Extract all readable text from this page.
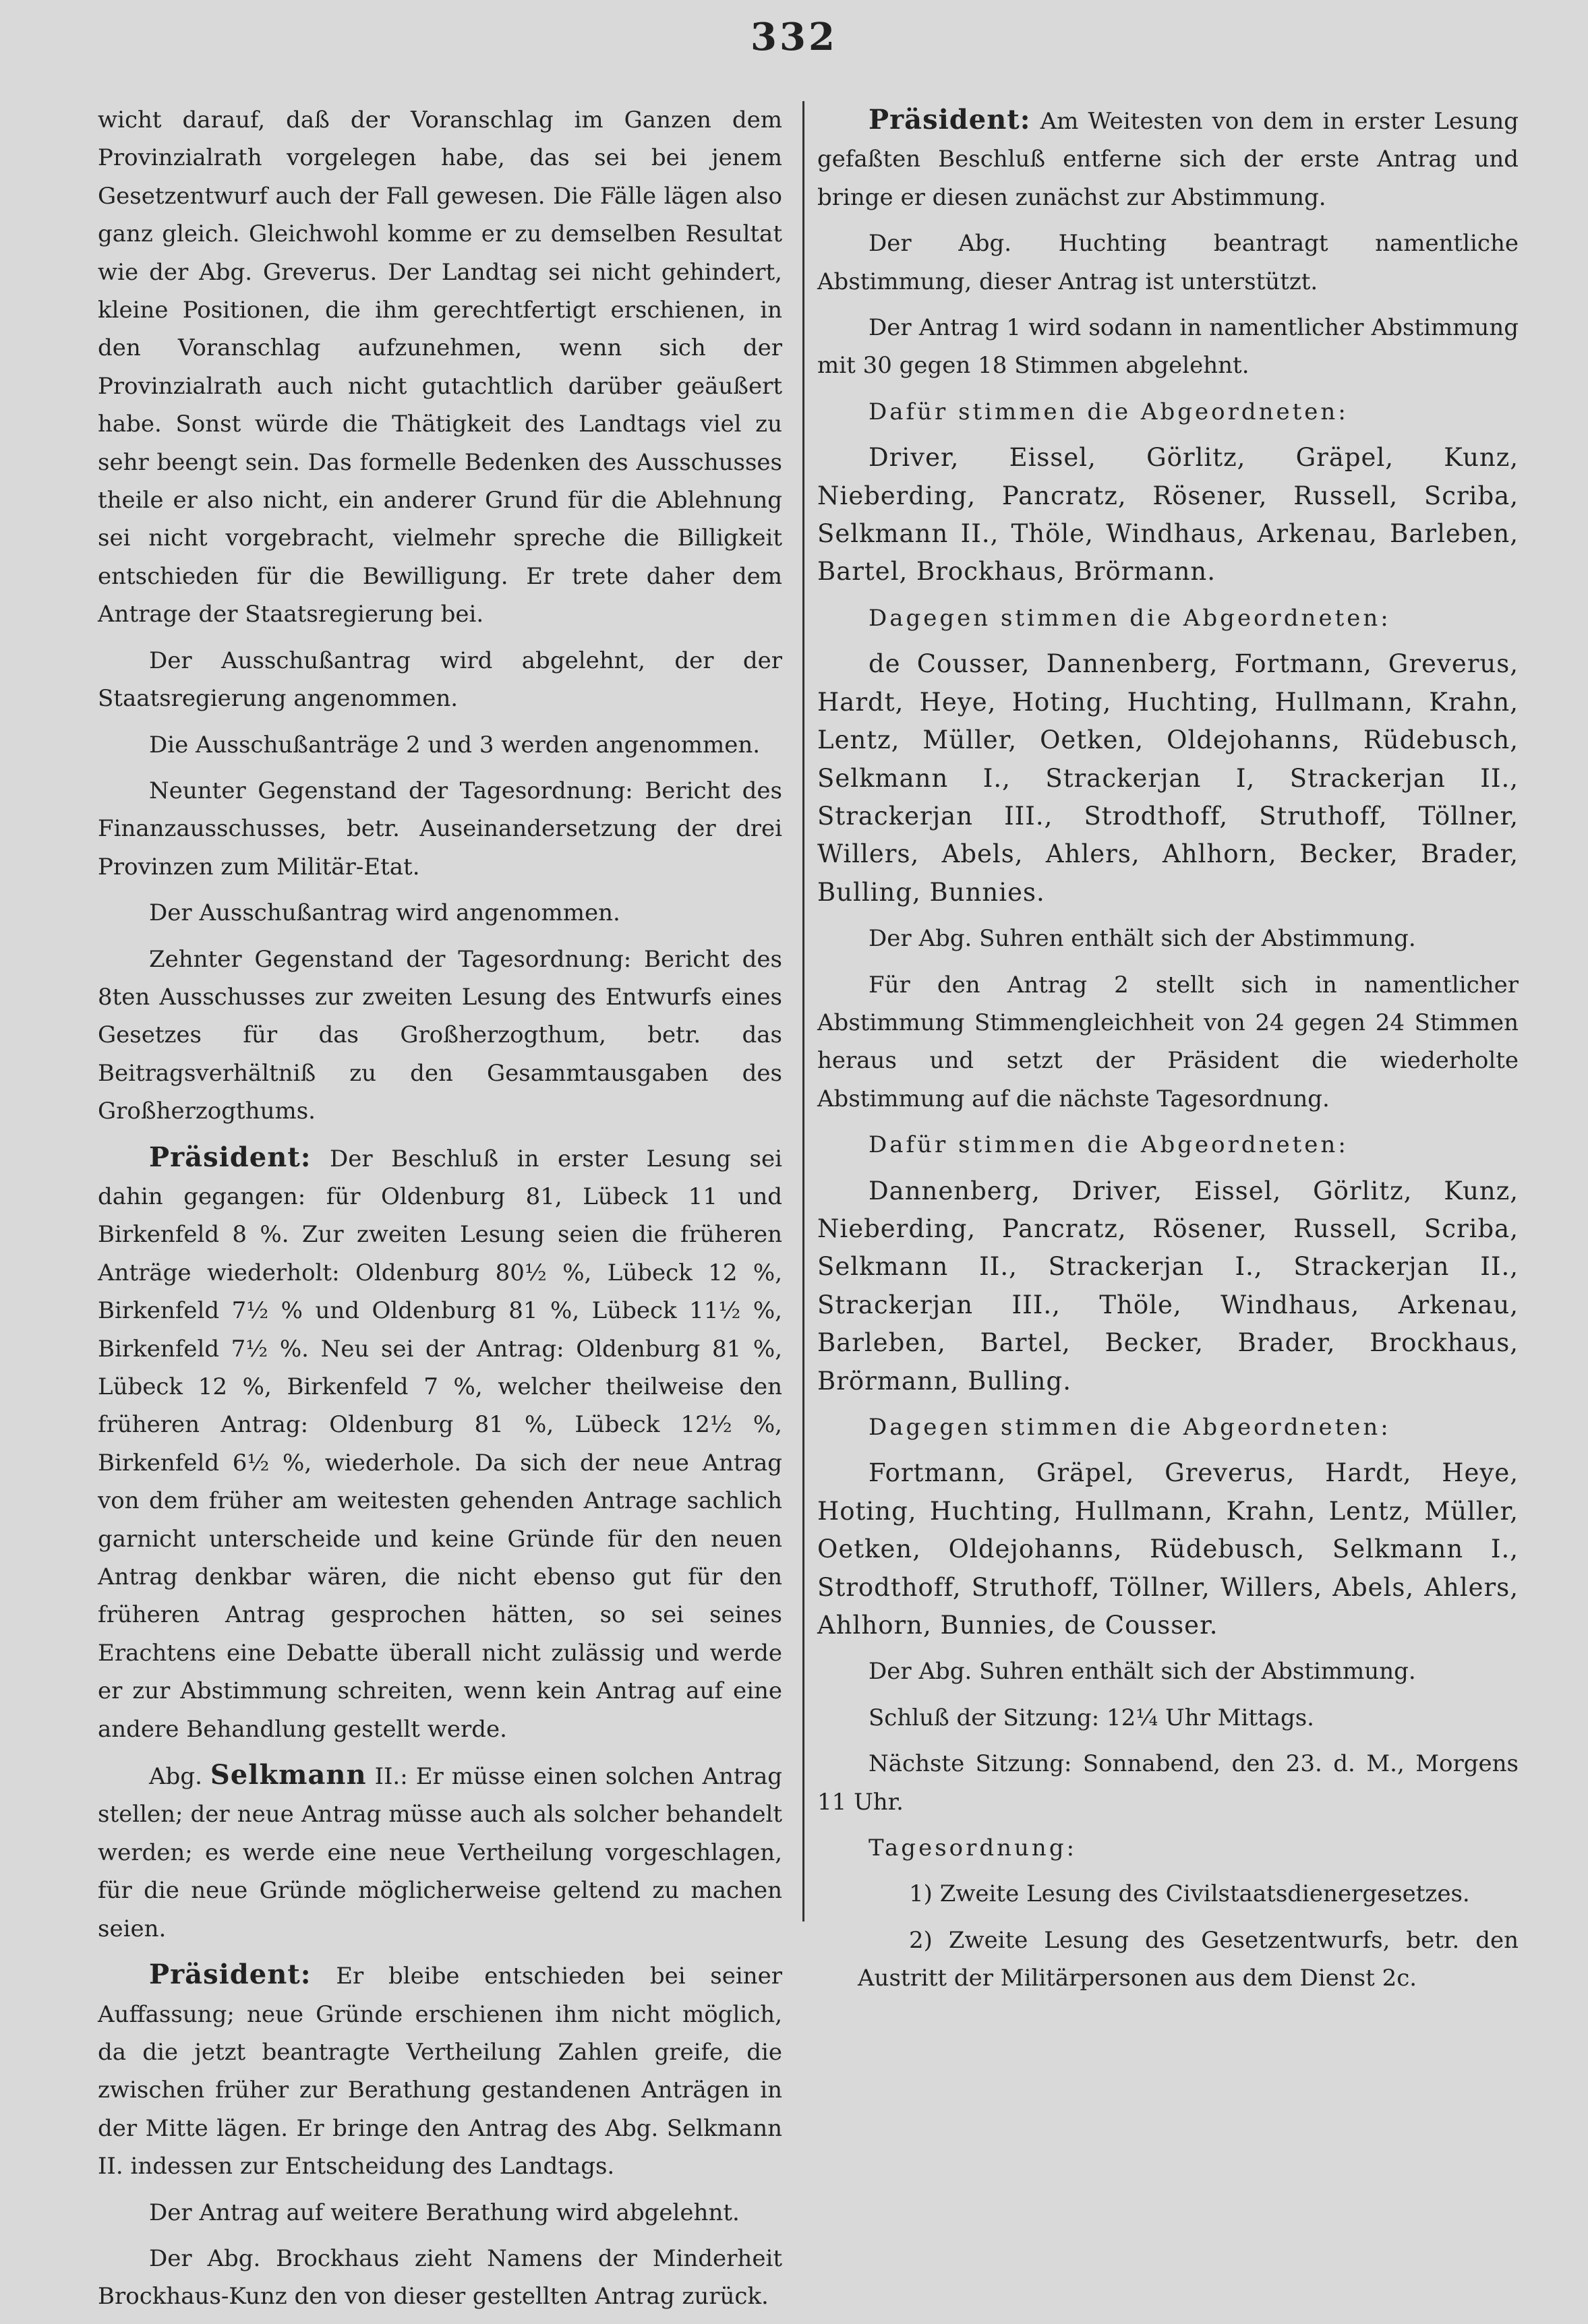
332

wicht darauf, daß der Voranschlag im Ganzen dem Provinzialrath vorgelegen habe, das sei bei jenem Gesetzentwurf auch der Fall gewesen. Die Fälle lägen also ganz gleich. Gleichwohl komme er zu demselben Resultat wie der Abg. Greverus. Der Landtag sei nicht gehindert, kleine Positionen, die ihm gerechtfertigt erschienen, in den Voranschlag aufzunehmen, wenn sich der Provinzialrath auch nicht gutachtlich darüber geäußert habe. Sonst würde die Thätigkeit des Landtags viel zu sehr beengt sein. Das formelle Bedenken des Ausschusses theile er also nicht, ein anderer Grund für die Ablehnung sei nicht vorgebracht, vielmehr spreche die Billigkeit entschieden für die Bewilligung. Er trete daher dem Antrage der Staatsregierung bei.

Der Ausschußantrag wird abgelehnt, der der Staatsregierung angenommen.

Die Ausschußanträge 2 und 3 werden angenommen.

Neunter Gegenstand der Tagesordnung: Bericht des Finanzausschusses, betr. Auseinandersetzung der drei Provinzen zum Militär-Etat.

Der Ausschußantrag wird angenommen.

Zehnter Gegenstand der Tagesordnung: Bericht des 8ten Ausschusses zur zweiten Lesung des Entwurfs eines Gesetzes für das Großherzogthum, betr. das Beitragsverhältniß zu den Gesammtausgaben des Großherzogthums.

Präsident: Der Beschluß in erster Lesung sei dahin gegangen: für Oldenburg 81, Lübeck 11 und Birkenfeld 8 %. Zur zweiten Lesung seien die früheren Anträge wiederholt: Oldenburg 80½ %, Lübeck 12 %, Birkenfeld 7½ % und Oldenburg 81 %, Lübeck 11½ %, Birkenfeld 7½ %. Neu sei der Antrag: Oldenburg 81 %, Lübeck 12 %, Birkenfeld 7 %, welcher theilweise den früheren Antrag: Oldenburg 81 %, Lübeck 12½ %, Birkenfeld 6½ %, wiederhole. Da sich der neue Antrag von dem früher am weitesten gehenden Antrage sachlich garnicht unterscheide und keine Gründe für den neuen Antrag denkbar wären, die nicht ebenso gut für den früheren Antrag gesprochen hätten, so sei seines Erachtens eine Debatte überall nicht zulässig und werde er zur Abstimmung schreiten, wenn kein Antrag auf eine andere Behandlung gestellt werde.

Abg. Selkmann II.: Er müsse einen solchen Antrag stellen; der neue Antrag müsse auch als solcher behandelt werden; es werde eine neue Vertheilung vorgeschlagen, für die neue Gründe möglicherweise geltend zu machen seien.

Präsident: Er bleibe entschieden bei seiner Auffassung; neue Gründe erschienen ihm nicht möglich, da die jetzt beantragte Vertheilung Zahlen greife, die zwischen früher zur Berathung gestandenen Anträgen in der Mitte lägen. Er bringe den Antrag des Abg. Selkmann II. indessen zur Entscheidung des Landtags.

Der Antrag auf weitere Berathung wird abgelehnt.

Der Abg. Brockhaus zieht Namens der Minderheit Brockhaus-Kunz den von dieser gestellten Antrag zurück.

Präsident: Am Weitesten von dem in erster Lesung gefaßten Beschluß entferne sich der erste Antrag und bringe er diesen zunächst zur Abstimmung.

Der Abg. Huchting beantragt namentliche Abstimmung, dieser Antrag ist unterstützt.

Der Antrag 1 wird sodann in namentlicher Abstimmung mit 30 gegen 18 Stimmen abgelehnt.

Dafür stimmen die Abgeordneten:

Driver, Eissel, Görlitz, Gräpel, Kunz, Nieberding, Pancratz, Rösener, Russell, Scriba, Selkmann II., Thöle, Windhaus, Arkenau, Barleben, Bartel, Brockhaus, Brörmann.

Dagegen stimmen die Abgeordneten:

de Cousser, Dannenberg, Fortmann, Greverus, Hardt, Heye, Hoting, Huchting, Hullmann, Krahn, Lentz, Müller, Oetken, Oldejohanns, Rüdebusch, Selkmann I., Strackerjan I, Strackerjan II., Strackerjan III., Strodthoff, Struthoff, Töllner, Willers, Abels, Ahlers, Ahlhorn, Becker, Brader, Bulling, Bunnies.

Der Abg. Suhren enthält sich der Abstimmung.

Für den Antrag 2 stellt sich in namentlicher Abstimmung Stimmengleichheit von 24 gegen 24 Stimmen heraus und setzt der Präsident die wiederholte Abstimmung auf die nächste Tagesordnung.

Dafür stimmen die Abgeordneten:

Dannenberg, Driver, Eissel, Görlitz, Kunz, Nieberding, Pancratz, Rösener, Russell, Scriba, Selkmann II., Strackerjan I., Strackerjan II., Strackerjan III., Thöle, Windhaus, Arkenau, Barleben, Bartel, Becker, Brader, Brockhaus, Brörmann, Bulling.

Dagegen stimmen die Abgeordneten:

Fortmann, Gräpel, Greverus, Hardt, Heye, Hoting, Huchting, Hullmann, Krahn, Lentz, Müller, Oetken, Oldejohanns, Rüdebusch, Selkmann I., Strodthoff, Struthoff, Töllner, Willers, Abels, Ahlers, Ahlhorn, Bunnies, de Cousser.

Der Abg. Suhren enthält sich der Abstimmung.

Schluß der Sitzung: 12¼ Uhr Mittags.

Nächste Sitzung: Sonnabend, den 23. d. M., Morgens 11 Uhr.

Tagesordnung:

1) Zweite Lesung des Civilstaatsdienergesetzes.

2) Zweite Lesung des Gesetzentwurfs, betr. den Austritt der Militärpersonen aus dem Dienst 2c.
